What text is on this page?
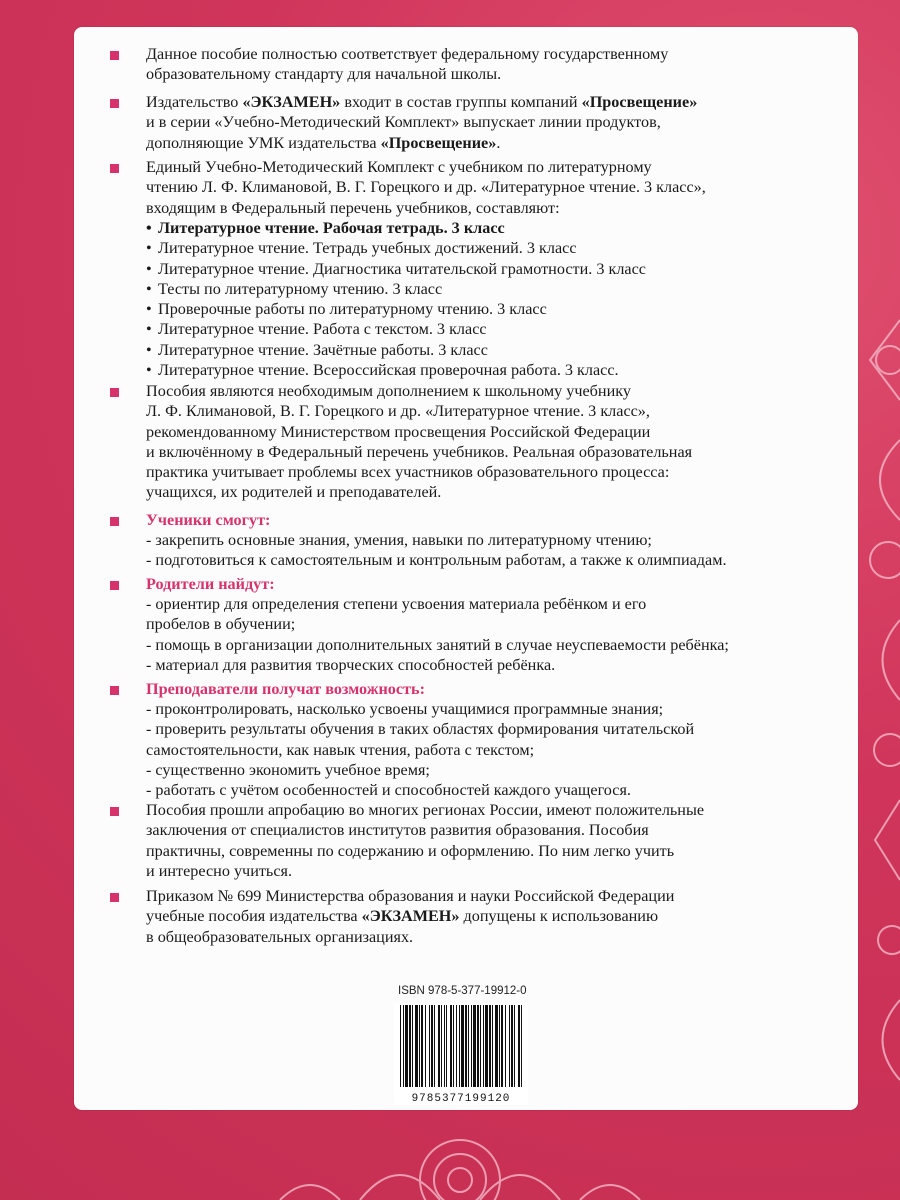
Данное пособие полностью соответствует федеральному государственному
образовательному стандарту для начальной школы.
Издательство «ЭКЗАМЕН» входит в состав группы компаний «Просвещение»
и в серии «Учебно-Методический Комплект» выпускает линии продуктов,
дополняющие УМК издательства «Просвещение».
Единый Учебно-Методический Комплект с учебником по литературному
чтению Л. Ф. Климановой, В. Г. Горецкого и др. «Литературное чтение. 3 класс»,
входящим в Федеральный перечень учебников, составляют:
• Литературное чтение. Рабочая тетрадь. 3 класс
• Литературное чтение. Тетрадь учебных достижений. 3 класс
• Литературное чтение. Диагностика читательской грамотности. 3 класс
• Тесты по литературному чтению. 3 класс
• Проверочные работы по литературному чтению. 3 класс
• Литературное чтение. Работа с текстом. 3 класс
• Литературное чтение. Зачётные работы. 3 класс
• Литературное чтение. Всероссийская проверочная работа. 3 класс.
Пособия являются необходимым дополнением к школьному учебнику
Л. Ф. Климановой, В. Г. Горецкого и др. «Литературное чтение. 3 класс»,
рекомендованному Министерством просвещения Российской Федерации
и включённому в Федеральный перечень учебников. Реальная образовательная
практика учитывает проблемы всех участников образовательного процесса:
учащихся, их родителей и преподавателей.
Ученики смогут:
- закрепить основные знания, умения, навыки по литературному чтению;
- подготовиться к самостоятельным и контрольным работам, а также к олимпиадам.
Родители найдут:
- ориентир для определения степени усвоения материала ребёнком и его
пробелов в обучении;
- помощь в организации дополнительных занятий в случае неуспеваемости ребёнка;
- материал для развития творческих способностей ребёнка.
Преподаватели получат возможность:
- проконтролировать, насколько усвоены учащимися программные знания;
- проверить результаты обучения в таких областях формирования читательской
самостоятельности, как навык чтения, работа с текстом;
- существенно экономить учебное время;
- работать с учётом особенностей и способностей каждого учащегося.
Пособия прошли апробацию во многих регионах России, имеют положительные
заключения от специалистов институтов развития образования. Пособия
практичны, современны по содержанию и оформлению. По ним легко учить
и интересно учиться.
Приказом № 699 Министерства образования и науки Российской Федерации
учебные пособия издательства «ЭКЗАМЕН» допущены к использованию
в общеобразовательных организациях.
ISBN 978-5-377-19912-0
9785377199120
